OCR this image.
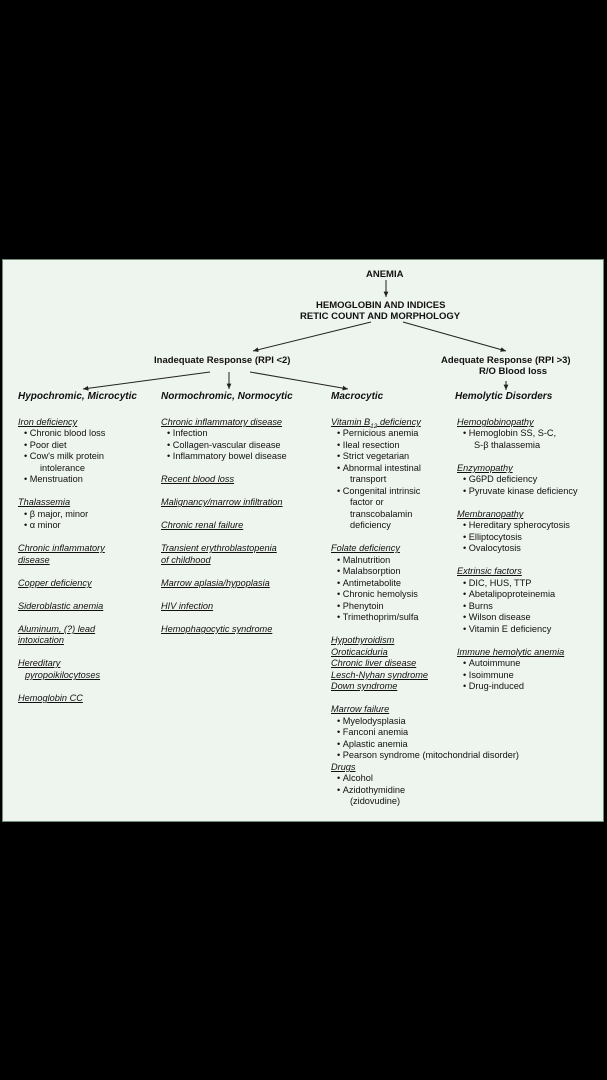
ANEMIA
HEMOGLOBIN AND INDICES
RETIC COUNT AND MORPHOLOGY
Inadequate Response (RPI <2)	Adequate Response (RPI >3)
R/O Blood loss
Hypochromic, Microcytic
Iron deficiency
• Chronic blood loss
• Poor diet
• Cow's milk protein
intolerance
• Menstruation
Thalassemia
• β major, minor
• α minor
Chronic inflammatory
disease
Copper deficiency
Sideroblastic anemia
Aluminum, (?) lead
intoxication
Hereditary
pyropoikilocytoses
Hemoglobin CC
Normochromic, Normocytic
Chronic inflammatory disease
• Infection
• Collagen-vascular disease
• Inflammatory bowel disease
Recent blood loss
Malignancy/marrow infiltration
Chronic renal failure
Transient erythroblastopenia
of childhood
Marrow aplasia/hypoplasia
HIV infection
Hemophagocytic syndrome
Macrocytic
Vitamin $B_{12}$ deficiency
• Pernicious anemia
• Ileal resection
• Strict vegetarian
• Abnormal intestinal
transport
• Congenital intrinsic
factor or
transcobalamin
deficiency
Folate deficiency
• Malnutrition
• Malabsorption
• Antimetabolite
• Chronic hemolysis
• Phenytoin
• Trimethoprim/sulfa
Hypothyroidism
Oroticaciduria
Chronic liver disease
Lesch-Nyhan syndrome
Down syndrome
Marrow failure
• Myelodysplasia
• Fanconi anemia
• Aplastic anemia
• Pearson syndrome (mitochondrial disorder)
Drugs
• Alcohol
• Azidothymidine
(zidovudine)
Hemolytic Disorders
Hemoglobinopathy
• Hemoglobin SS, S-C,
S-β thalassemia
Enzymopathy
• G6PD deficiency
• Pyruvate kinase deficiency
Membranopathy
• Hereditary spherocytosis
• Elliptocytosis
• Ovalocytosis
Extrinsic factors
• DIC, HUS, TTP
• Abetalipoproteinemia
• Burns
• Wilson disease
• Vitamin E deficiency
Immune hemolytic anemia
• Autoimmune
• Isoimmune
• Drug-induced
